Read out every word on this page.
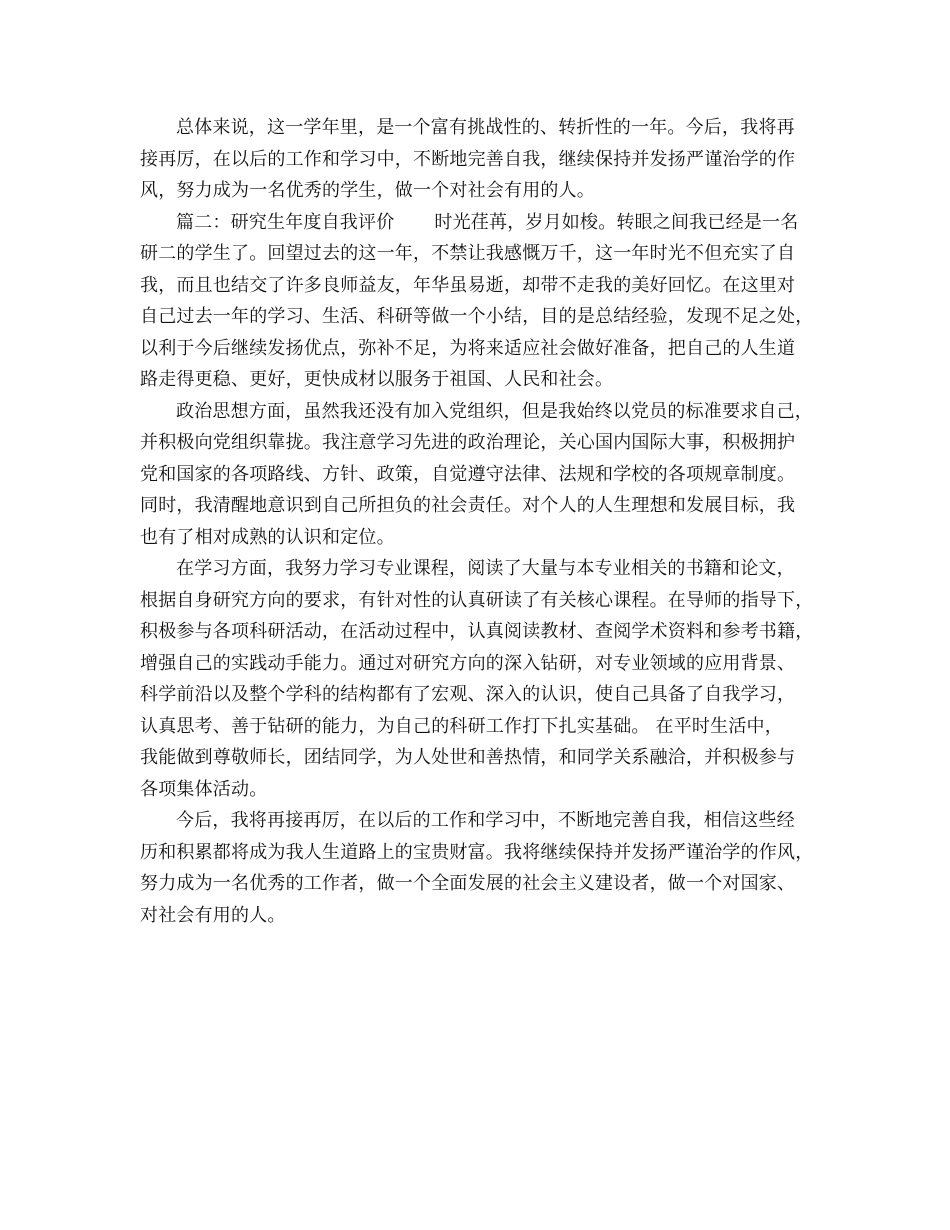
总体来说，这一学年里，是一个富有挑战性的、转折性的一年。今后，我将再
接再厉，在以后的工作和学习中，不断地完善自我，继续保持并发扬严谨治学的作
风，努力成为一名优秀的学生，做一个对社会有用的人。

篇二：研究生年度自我评价 时光荏苒，岁月如梭。转眼之间我已经是一名
研二的学生了。回望过去的这一年，不禁让我感慨万千，这一年时光不但充实了自
我，而且也结交了许多良师益友，年华虽易逝，却带不走我的美好回忆。在这里对
自己过去一年的学习、生活、科研等做一个小结，目的是总结经验，发现不足之处，
以利于今后继续发扬优点，弥补不足，为将来适应社会做好准备，把自己的人生道
路走得更稳、更好，更快成材以服务于祖国、人民和社会。

政治思想方面，虽然我还没有加入党组织，但是我始终以党员的标准要求自己，
并积极向党组织靠拢。我注意学习先进的政治理论，关心国内国际大事，积极拥护
党和国家的各项路线、方针、政策，自觉遵守法律、法规和学校的各项规章制度。
同时，我清醒地意识到自己所担负的社会责任。对个人的人生理想和发展目标，我
也有了相对成熟的认识和定位。

在学习方面，我努力学习专业课程，阅读了大量与本专业相关的书籍和论文，
根据自身研究方向的要求，有针对性的认真研读了有关核心课程。在导师的指导下，
积极参与各项科研活动，在活动过程中，认真阅读教材、查阅学术资料和参考书籍，
增强自己的实践动手能力。通过对研究方向的深入钻研，对专业领域的应用背景、
科学前沿以及整个学科的结构都有了宏观、深入的认识，使自己具备了自我学习，
认真思考、善于钻研的能力，为自己的科研工作打下扎实基础。 在平时生活中，
我能做到尊敬师长，团结同学，为人处世和善热情，和同学关系融洽，并积极参与
各项集体活动。

今后，我将再接再厉，在以后的工作和学习中，不断地完善自我，相信这些经
历和积累都将成为我人生道路上的宝贵财富。我将继续保持并发扬严谨治学的作风，
努力成为一名优秀的工作者，做一个全面发展的社会主义建设者，做一个对国家、
对社会有用的人。
